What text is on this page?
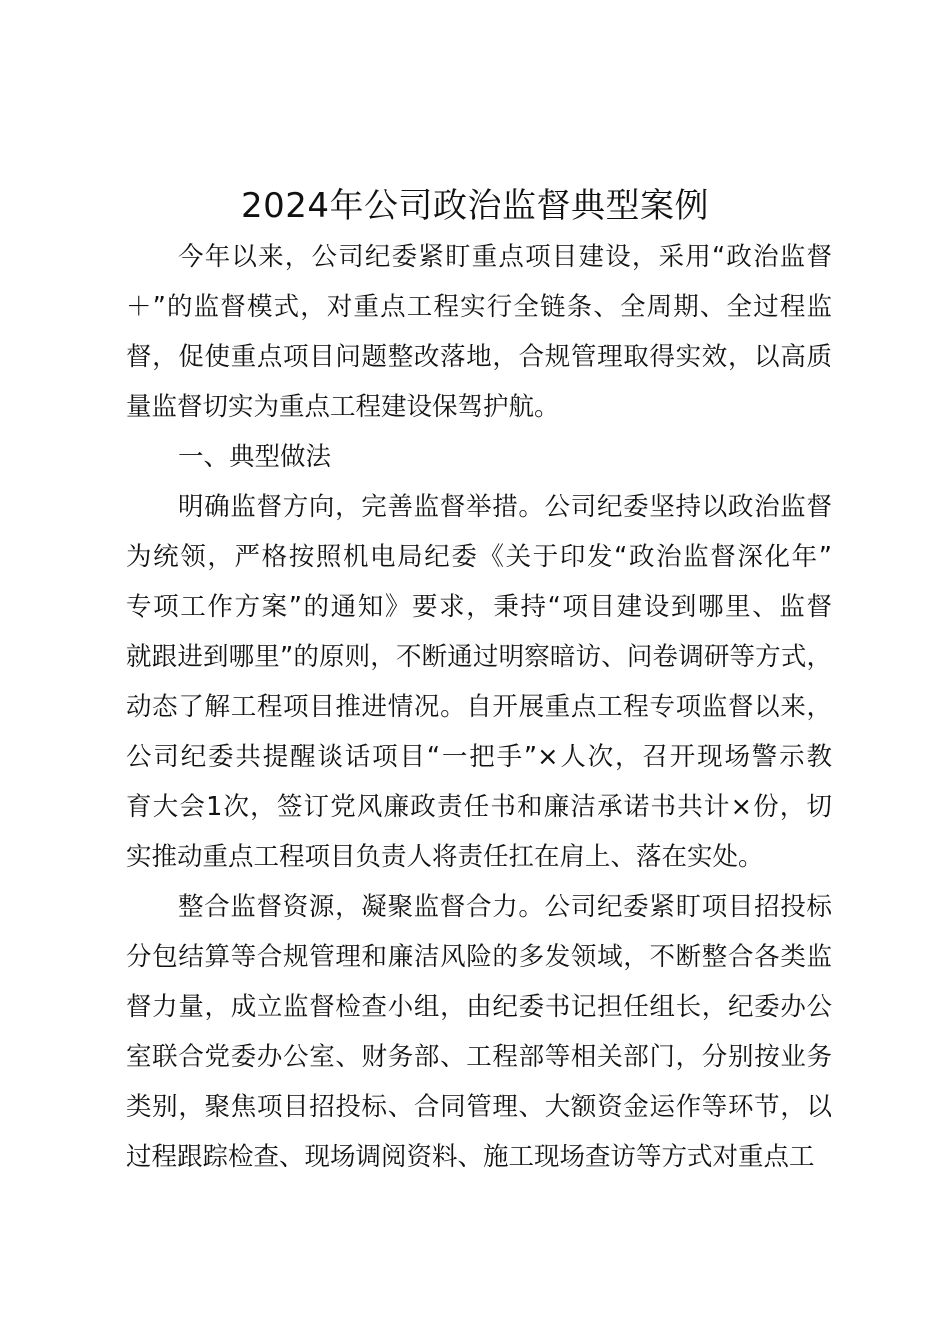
2024年公司政治监督典型案例
今年以来，公司纪委紧盯重点项目建设，采用“政治监督
＋”的监督模式，对重点工程实行全链条、全周期、全过程监
督，促使重点项目问题整改落地，合规管理取得实效，以高质
量监督切实为重点工程建设保驾护航。
一、典型做法
明确监督方向，完善监督举措。公司纪委坚持以政治监督
为统领，严格按照机电局纪委《关于印发“政治监督深化年”
专项工作方案”的通知》要求，秉持“项目建设到哪里、监督
就跟进到哪里”的原则，不断通过明察暗访、问卷调研等方式，
动态了解工程项目推进情况。自开展重点工程专项监督以来，
公司纪委共提醒谈话项目“一把手”×人次，召开现场警示教
育大会1次，签订党风廉政责任书和廉洁承诺书共计×份，切
实推动重点工程项目负责人将责任扛在肩上、落在实处。
整合监督资源，凝聚监督合力。公司纪委紧盯项目招投标
分包结算等合规管理和廉洁风险的多发领域，不断整合各类监
督力量，成立监督检查小组，由纪委书记担任组长，纪委办公
室联合党委办公室、财务部、工程部等相关部门，分别按业务
类别，聚焦项目招投标、合同管理、大额资金运作等环节，以
过程跟踪检查、现场调阅资料、施工现场查访等方式对重点工
